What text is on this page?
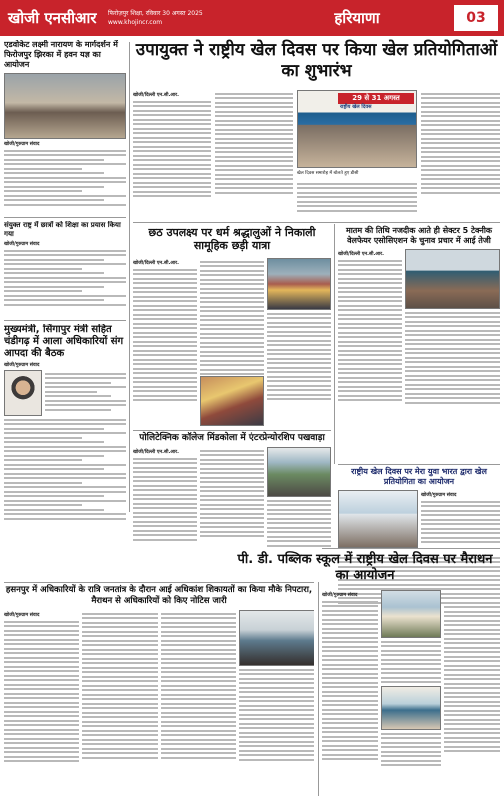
खोजी एनसीआर	फिरोज़पुर शिक्षा, रविवार 30 अगस्त 2025
www.khojincr.com	हरियाणा	03
एडवोकेट लक्ष्मी नारायण के मार्गदर्शन में फिरोजपुर झिरका में हवन यज्ञ का आयोजन
खोजी/गुरुग्राम संवाद
संयुक्त राष्ट्र में छात्रों को शिक्षा का प्रयास किया गया
खोजी/गुरुग्राम संवाद
मुख्यमंत्री, सिंगापुर मंत्री सहित चंडीगढ़ में आला अधिकारियों संग आपदा की बैठक
खोजी/गुरुग्राम संवाद
उपायुक्त ने राष्ट्रीय खेल दिवस पर किया खेल प्रतियोगिताओं का शुभारंभ
खोजी/दिल्ली एन.सी.आर.	29 से 31 अगस्त
राष्ट्रीय खेल दिवस
खेल दिवस समारोह में बोलते हुए डीसी
छठ उपलक्ष्य पर धर्म श्रद्धालुओं ने निकाली सामूहिक छड़ी यात्रा
खोजी/दिल्ली एन.सी.आर.
मातम की तिथि नजदीक आते ही सेक्टर 5 टेक्नीक वेलफेयर एसोसिएशन के चुनाव प्रचार में आई तेजी
खोजी/दिल्ली एन.सी.आर.
पोलिटेक्निक कॉलेज मिंडकोला में एंटरप्रेन्योरशिप पखवाड़ा
खोजी/दिल्ली एन.सी.आर.
राष्ट्रीय खेल दिवस पर मेरा युवा भारत द्वारा खेल प्रतियोगिता का आयोजन
खोजी/गुरुग्राम संवाद
हसनपुर में अधिकारियों के रात्रि जनतांत्र के दौरान आई अधिकांश शिकायतों का किया मौके निपटारा, मैराथन से अधिकारियों को किए नोटिस जारी
खोजी/गुरुग्राम संवाद
पी. डी. पब्लिक स्कूल में राष्ट्रीय खेल दिवस पर मैराथन का आयोजन
खोजी/गुरुग्राम संवाद
